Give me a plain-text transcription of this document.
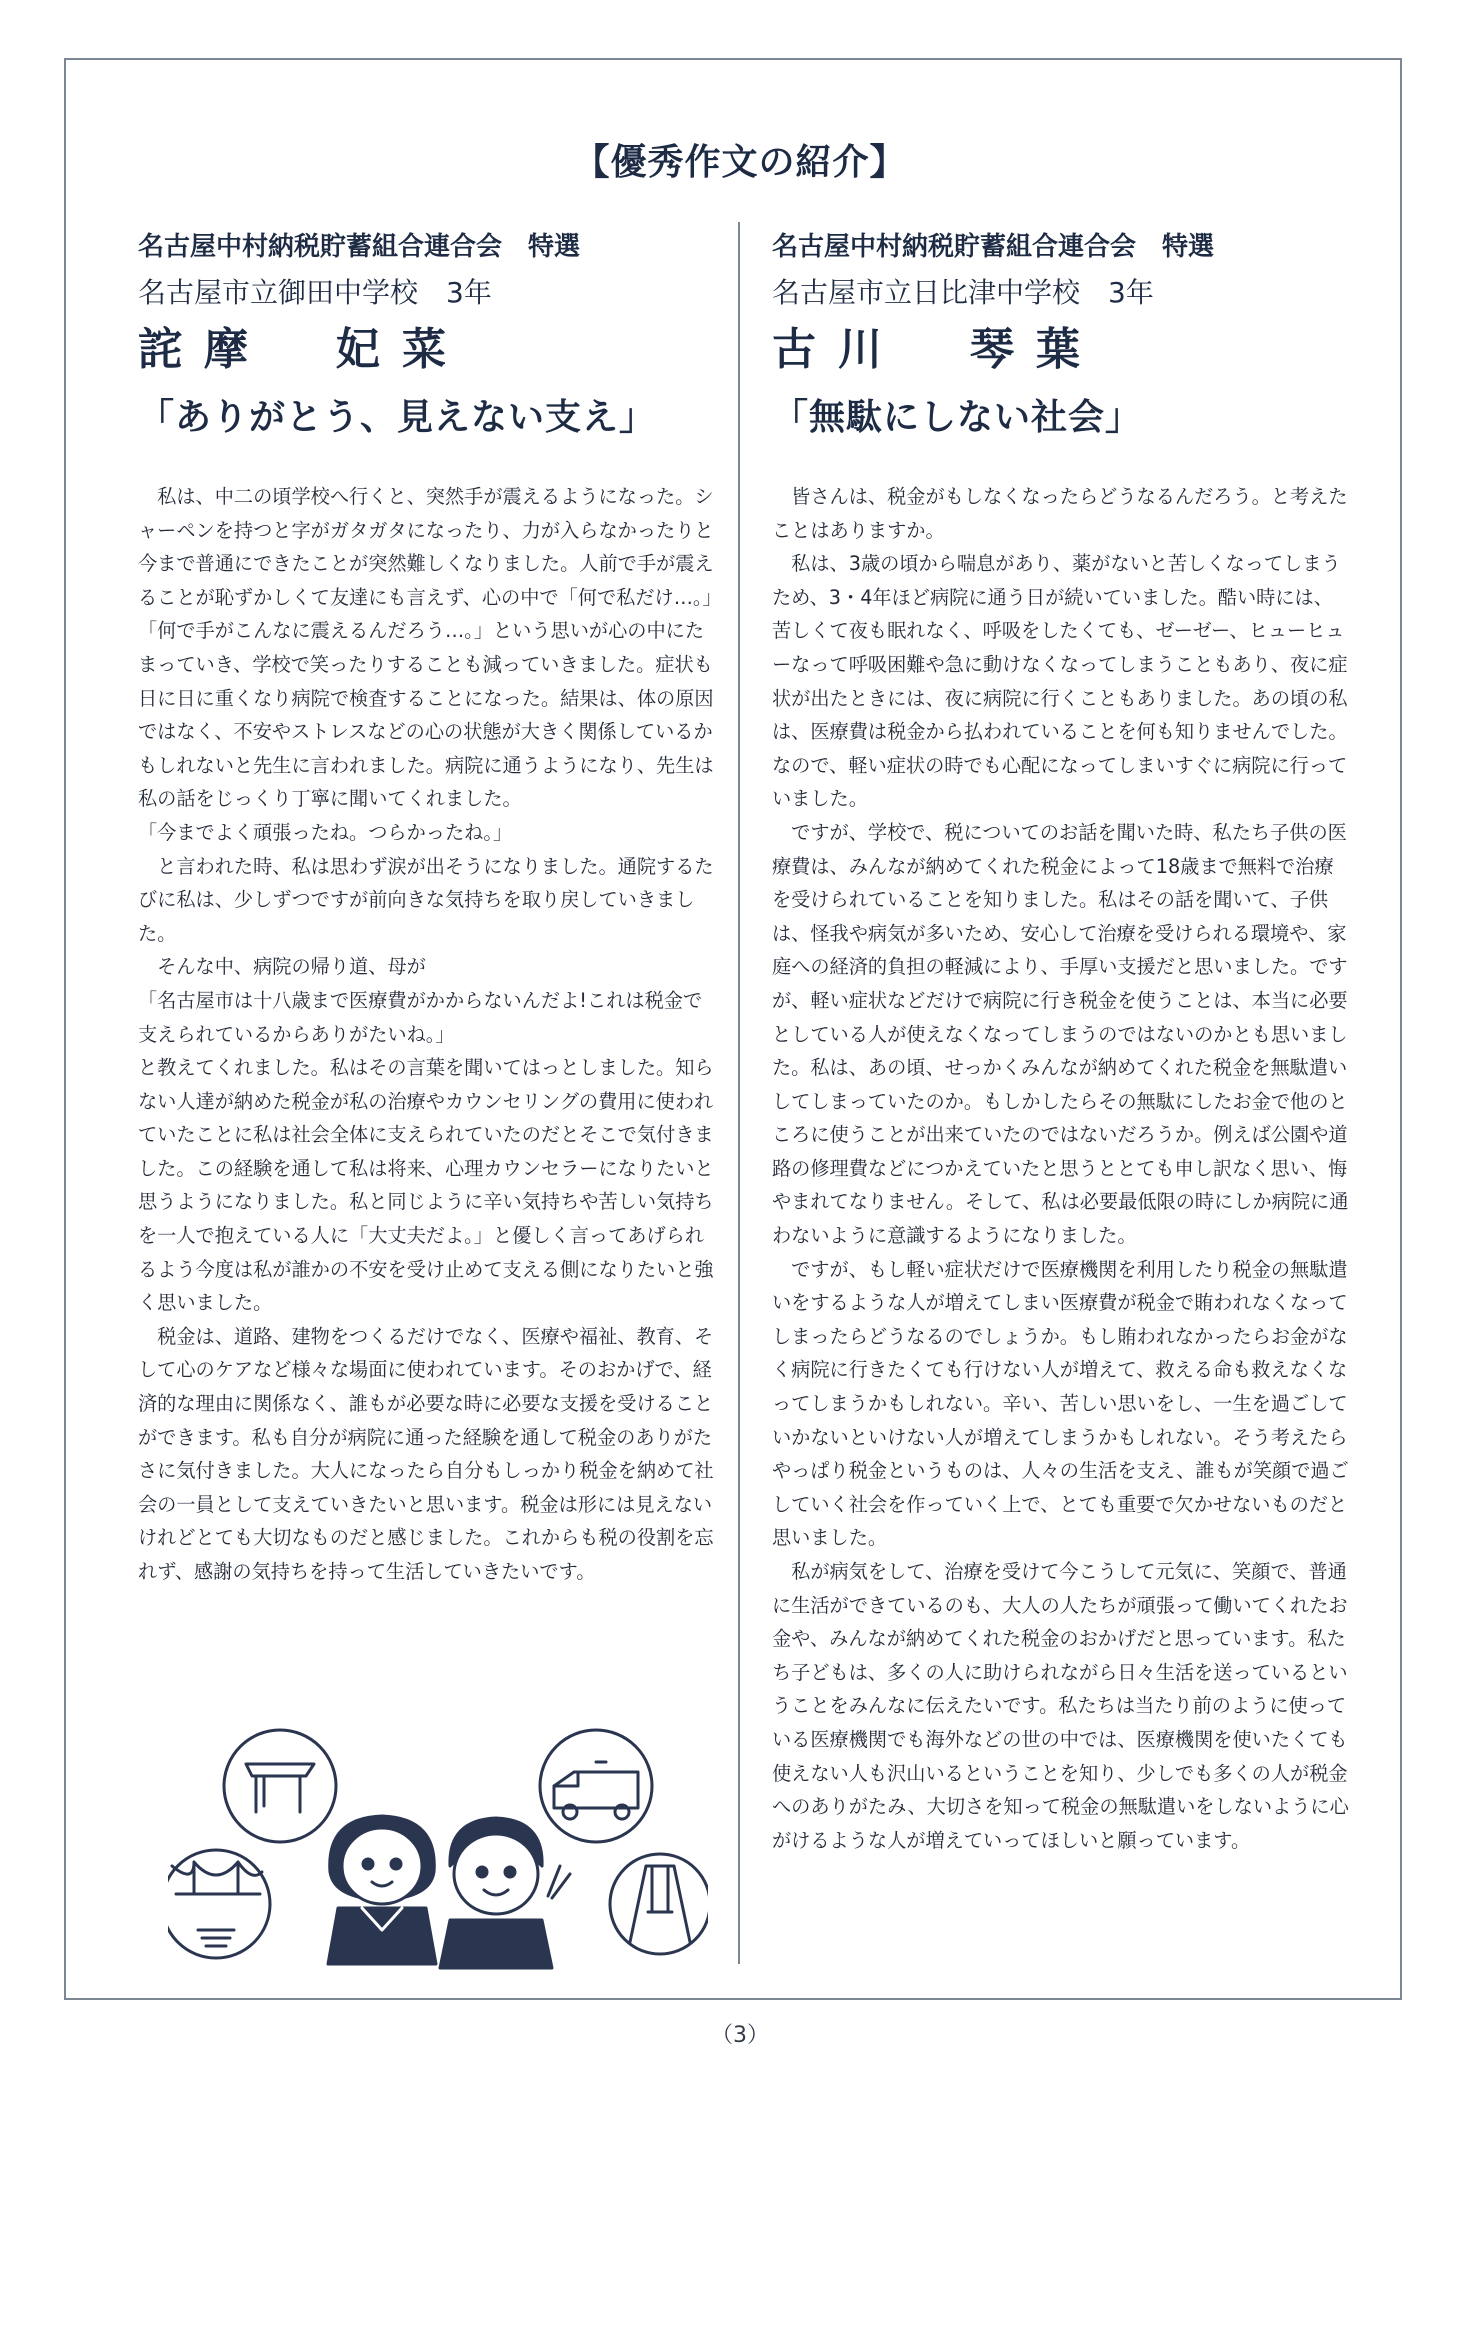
【優秀作文の紹介】
名古屋中村納税貯蓄組合連合会　特選
名古屋市立御田中学校　3年
詫摩　妃菜
「ありがとう、見えない支え」

　私は、中二の頃学校へ行くと、突然手が震えるようになった。シャーペンを持つと字がガタガタになったり、力が入らなかったりと今まで普通にできたことが突然難しくなりました。人前で手が震えることが恥ずかしくて友達にも言えず、心の中で「何で私だけ…。」「何で手がこんなに震えるんだろう…。」という思いが心の中にたまっていき、学校で笑ったりすることも減っていきました。症状も日に日に重くなり病院で検査することになった。結果は、体の原因ではなく、不安やストレスなどの心の状態が大きく関係しているかもしれないと先生に言われました。病院に通うようになり、先生は私の話をじっくり丁寧に聞いてくれました。

「今までよく頑張ったね。つらかったね。」

　と言われた時、私は思わず涙が出そうになりました。通院するたびに私は、少しずつですが前向きな気持ちを取り戻していきました。

　そんな中、病院の帰り道、母が

「名古屋市は十八歳まで医療費がかからないんだよ!これは税金で支えられているからありがたいね。」

と教えてくれました。私はその言葉を聞いてはっとしました。知らない人達が納めた税金が私の治療やカウンセリングの費用に使われていたことに私は社会全体に支えられていたのだとそこで気付きました。この経験を通して私は将来、心理カウンセラーになりたいと思うようになりました。私と同じように辛い気持ちや苦しい気持ちを一人で抱えている人に「大丈夫だよ。」と優しく言ってあげられるよう今度は私が誰かの不安を受け止めて支える側になりたいと強く思いました。

　税金は、道路、建物をつくるだけでなく、医療や福祉、教育、そして心のケアなど様々な場面に使われています。そのおかげで、経済的な理由に関係なく、誰もが必要な時に必要な支援を受けることができます。私も自分が病院に通った経験を通して税金のありがたさに気付きました。大人になったら自分もしっかり税金を納めて社会の一員として支えていきたいと思います。税金は形には見えないけれどとても大切なものだと感じました。これからも税の役割を忘れず、感謝の気持ちを持って生活していきたいです。

名古屋中村納税貯蓄組合連合会　特選
名古屋市立日比津中学校　3年
古川　琴葉
「無駄にしない社会」

　皆さんは、税金がもしなくなったらどうなるんだろう。と考えたことはありますか。

　私は、3歳の頃から喘息があり、薬がないと苦しくなってしまうため、3・4年ほど病院に通う日が続いていました。酷い時には、苦しくて夜も眠れなく、呼吸をしたくても、ゼーゼー、ヒューヒューなって呼吸困難や急に動けなくなってしまうこともあり、夜に症状が出たときには、夜に病院に行くこともありました。あの頃の私は、医療費は税金から払われていることを何も知りませんでした。なので、軽い症状の時でも心配になってしまいすぐに病院に行っていました。

　ですが、学校で、税についてのお話を聞いた時、私たち子供の医療費は、みんなが納めてくれた税金によって18歳まで無料で治療を受けられていることを知りました。私はその話を聞いて、子供は、怪我や病気が多いため、安心して治療を受けられる環境や、家庭への経済的負担の軽減により、手厚い支援だと思いました。ですが、軽い症状などだけで病院に行き税金を使うことは、本当に必要としている人が使えなくなってしまうのではないのかとも思いました。私は、あの頃、せっかくみんなが納めてくれた税金を無駄遣いしてしまっていたのか。もしかしたらその無駄にしたお金で他のところに使うことが出来ていたのではないだろうか。例えば公園や道路の修理費などにつかえていたと思うととても申し訳なく思い、悔やまれてなりません。そして、私は必要最低限の時にしか病院に通わないように意識するようになりました。

　ですが、もし軽い症状だけで医療機関を利用したり税金の無駄遣いをするような人が増えてしまい医療費が税金で賄われなくなってしまったらどうなるのでしょうか。もし賄われなかったらお金がなく病院に行きたくても行けない人が増えて、救える命も救えなくなってしまうかもしれない。辛い、苦しい思いをし、一生を過ごしていかないといけない人が増えてしまうかもしれない。そう考えたらやっぱり税金というものは、人々の生活を支え、誰もが笑顔で過ごしていく社会を作っていく上で、とても重要で欠かせないものだと思いました。

　私が病気をして、治療を受けて今こうして元気に、笑顔で、普通に生活ができているのも、大人の人たちが頑張って働いてくれたお金や、みんなが納めてくれた税金のおかげだと思っています。私たち子どもは、多くの人に助けられながら日々生活を送っているということをみんなに伝えたいです。私たちは当たり前のように使っている医療機関でも海外などの世の中では、医療機関を使いたくても使えない人も沢山いるということを知り、少しでも多くの人が税金へのありがたみ、大切さを知って税金の無駄遣いをしないように心がけるような人が増えていってほしいと願っています。

（3）
